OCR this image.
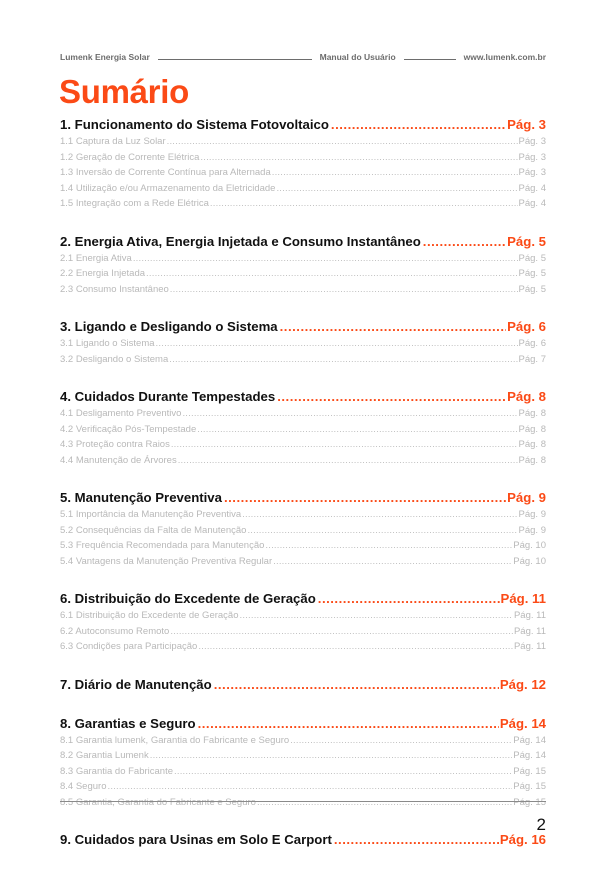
Lumenk Energia Solar	Manual do Usuário	www.lumenk.com.br
Sumário
1. Funcionamento do Sistema Fotovoltaico .....	Pág. 3
1.1 Captura da Luz Solar .....	Pág. 3
1.2 Geração de Corrente Elétrica .....	Pág. 3
1.3 Inversão de Corrente Contínua para Alternada .....	Pág. 3
1.4 Utilização e/ou Armazenamento da Eletricidade .....	Pág. 4
1.5 Integração com a Rede Elétrica .....	Pág. 4
2. Energia Ativa, Energia Injetada e Consumo Instantâneo .....	Pág. 5
2.1 Energia Ativa .....	Pág. 5
2.2 Energia Injetada .....	Pág. 5
2.3 Consumo Instantâneo .....	Pág. 5
3. Ligando e Desligando o Sistema .....	Pág. 6
3.1 Ligando o Sistema .....	Pág. 6
3.2 Desligando o Sistema .....	Pág. 7
4. Cuidados Durante Tempestades .....	Pág. 8
4.1 Desligamento Preventivo .....	Pág. 8
4.2 Verificação Pós-Tempestade .....	Pág. 8
4.3 Proteção contra Raios .....	Pág. 8
4.4 Manutenção de Árvores .....	Pág. 8
5. Manutenção Preventiva .....	Pág. 9
5.1 Importância da Manutenção Preventiva .....	Pág. 9
5.2 Consequências da Falta de Manutenção .....	Pág. 9
5.3 Frequência Recomendada para Manutenção .....	Pág. 10
5.4 Vantagens da Manutenção Preventiva Regular .....	Pág. 10
6. Distribuição do Excedente de Geração .....	Pág. 11
6.1 Distribuição do Excedente de Geração .....	Pág. 11
6.2 Autoconsumo Remoto .....	Pág. 11
6.3 Condições para Participação .....	Pág. 11
7. Diário de Manutenção .....	Pág. 12
8. Garantias e Seguro .....	Pág. 14
8.1 Garantia lumenk, Garantia do Fabricante e Seguro .....	Pág. 14
8.2 Garantia Lumenk .....	Pág. 14
8.3 Garantia do Fabricante .....	Pág. 15
8.4 Seguro .....	Pág. 15
8.5 Garantia, Garantia do Fabricante e Seguro .....	Pág. 15
9. Cuidados para Usinas em Solo E Carport .....	Pág. 16
2
